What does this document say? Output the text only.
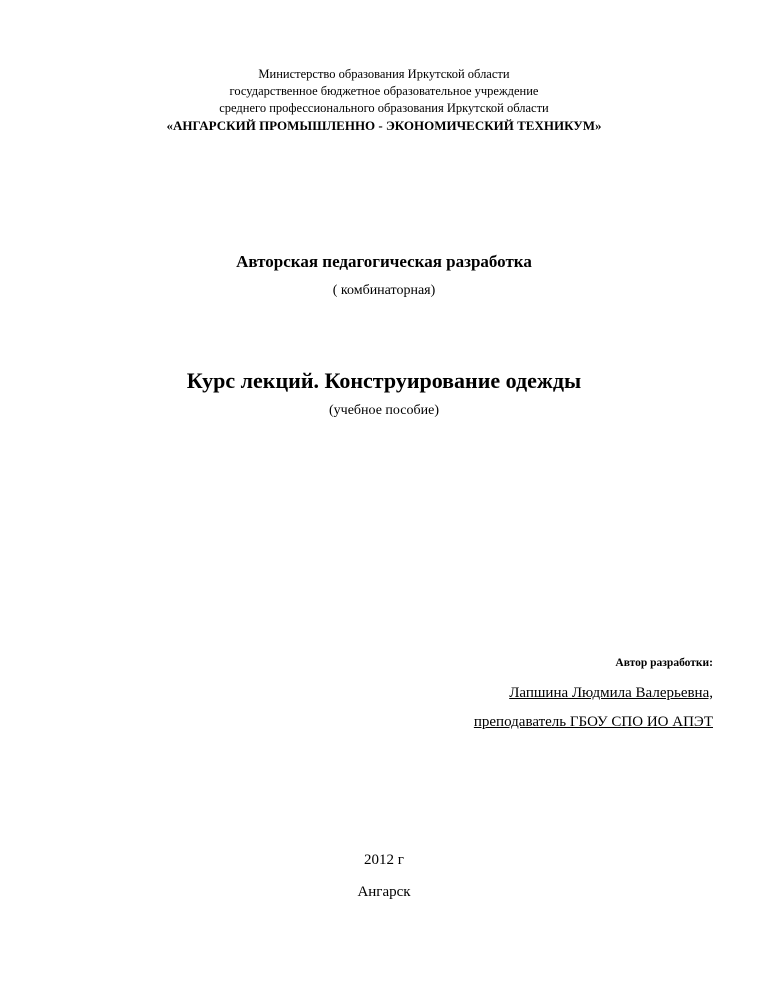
Министерство образования Иркутской области
государственное бюджетное образовательное учреждение
среднего профессионального образования Иркутской области
«АНГАРСКИЙ ПРОМЫШЛЕННО - ЭКОНОМИЧЕСКИЙ ТЕХНИКУМ»
Авторская педагогическая разработка
( комбинаторная)
Курс лекций. Конструирование одежды
(учебное пособие)
Автор разработки:
Лапшина Людмила Валерьевна,
преподаватель ГБОУ СПО ИО АПЭТ
2012 г
Ангарск
